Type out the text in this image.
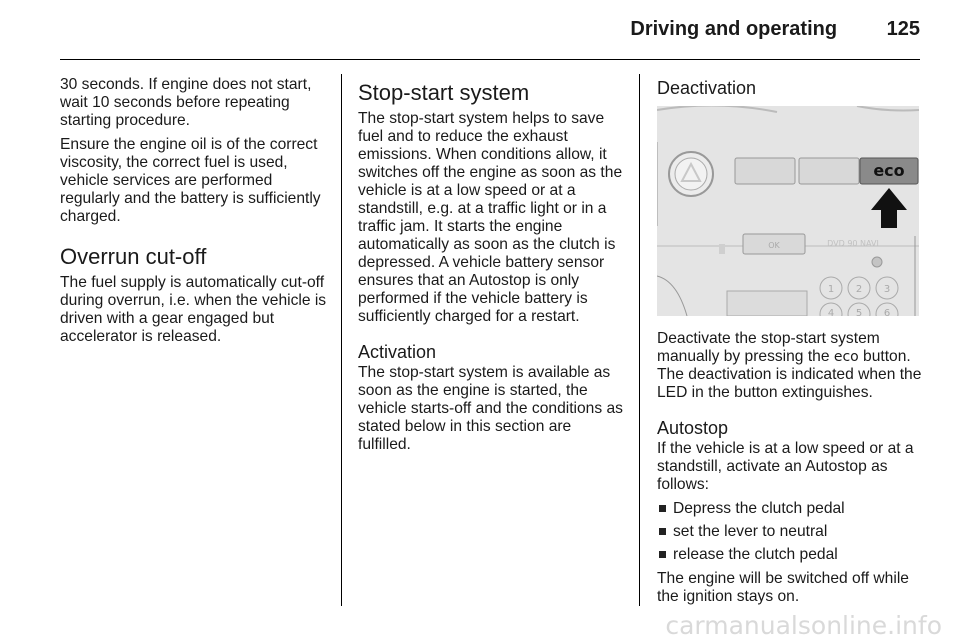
Driving and operating 125

30 seconds. If engine does not start, wait 10 seconds before repeating starting procedure.

Ensure the engine oil is of the correct viscosity, the correct fuel is used, vehicle services are performed regularly and the battery is sufficiently charged.

Overrun cut-off

The fuel supply is automatically cut-off during overrun, i.e. when the vehicle is driven with a gear engaged but accelerator is released.

Stop-start system

The stop-start system helps to save fuel and to reduce the exhaust emissions. When conditions allow, it switches off the engine as soon as the vehicle is at a low speed or at a standstill, e.g. at a traffic light or in a traffic jam. It starts the engine automatically as soon as the clutch is depressed. A vehicle battery sensor ensures that an Autostop is only performed if the vehicle battery is sufficiently charged for a restart.

Activation

The stop-start system is available as soon as the engine is started, the vehicle starts-off and the conditions as stated below in this section are fulfilled.

Deactivation
eco
OK	DVD 90 NAVI
1 2 3
4 5 6

Deactivate the stop-start system manually by pressing the eco button. The deactivation is indicated when the LED in the button extinguishes.

Autostop

If the vehicle is at a low speed or at a standstill, activate an Autostop as follows:

Depress the clutch pedal
set the lever to neutral
release the clutch pedal

The engine will be switched off while the ignition stays on.

carmanualsonline.info
